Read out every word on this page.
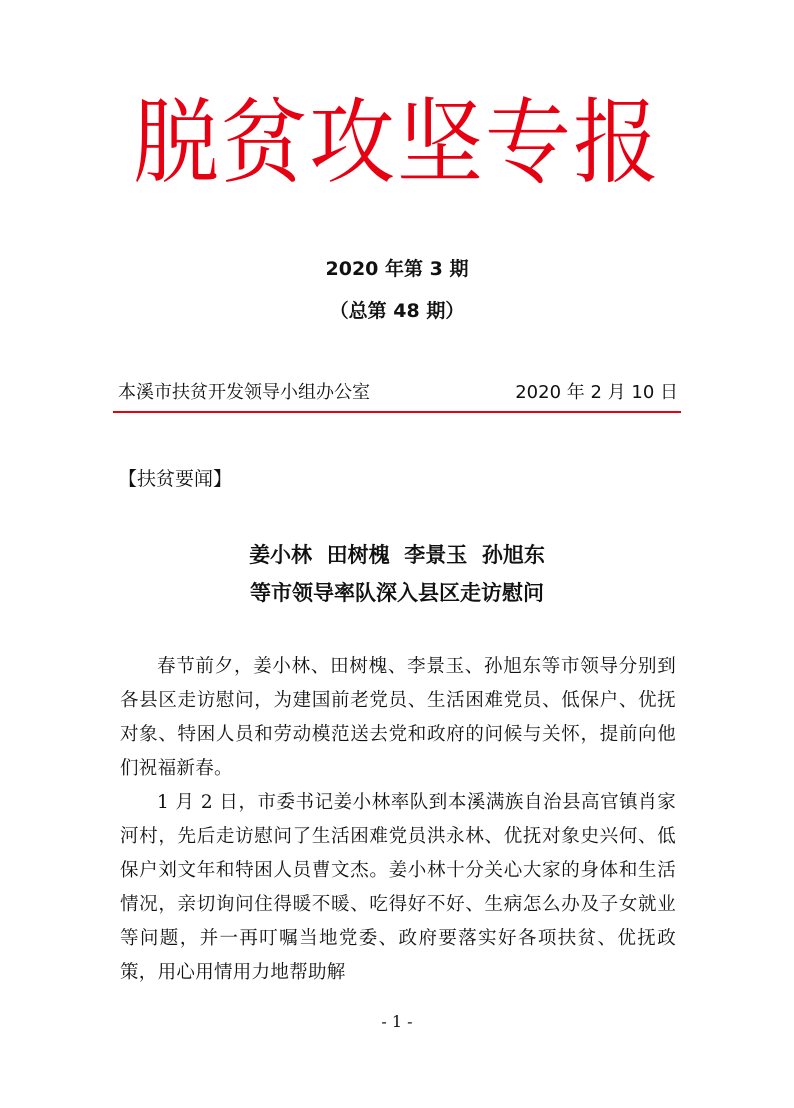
脱贫攻坚专报
2020 年第 3 期
（总第 48 期）
本溪市扶贫开发领导小组办公室	2020 年 2 月 10 日
【扶贫要闻】
姜小林  田树槐  李景玉  孙旭东
等市领导率队深入县区走访慰问

春节前夕，姜小林、田树槐、李景玉、孙旭东等市领导分别到各县区走访慰问，为建国前老党员、生活困难党员、低保户、优抚对象、特困人员和劳动模范送去党和政府的问候与关怀，提前向他们祝福新春。

1 月 2 日，市委书记姜小林率队到本溪满族自治县高官镇肖家河村，先后走访慰问了生活困难党员洪永林、优抚对象史兴何、低保户刘文年和特困人员曹文杰。姜小林十分关心大家的身体和生活情况，亲切询问住得暖不暖、吃得好不好、生病怎么办及子女就业等问题，并一再叮嘱当地党委、政府要落实好各项扶贫、优抚政策，用心用情用力地帮助解

- 1 -
